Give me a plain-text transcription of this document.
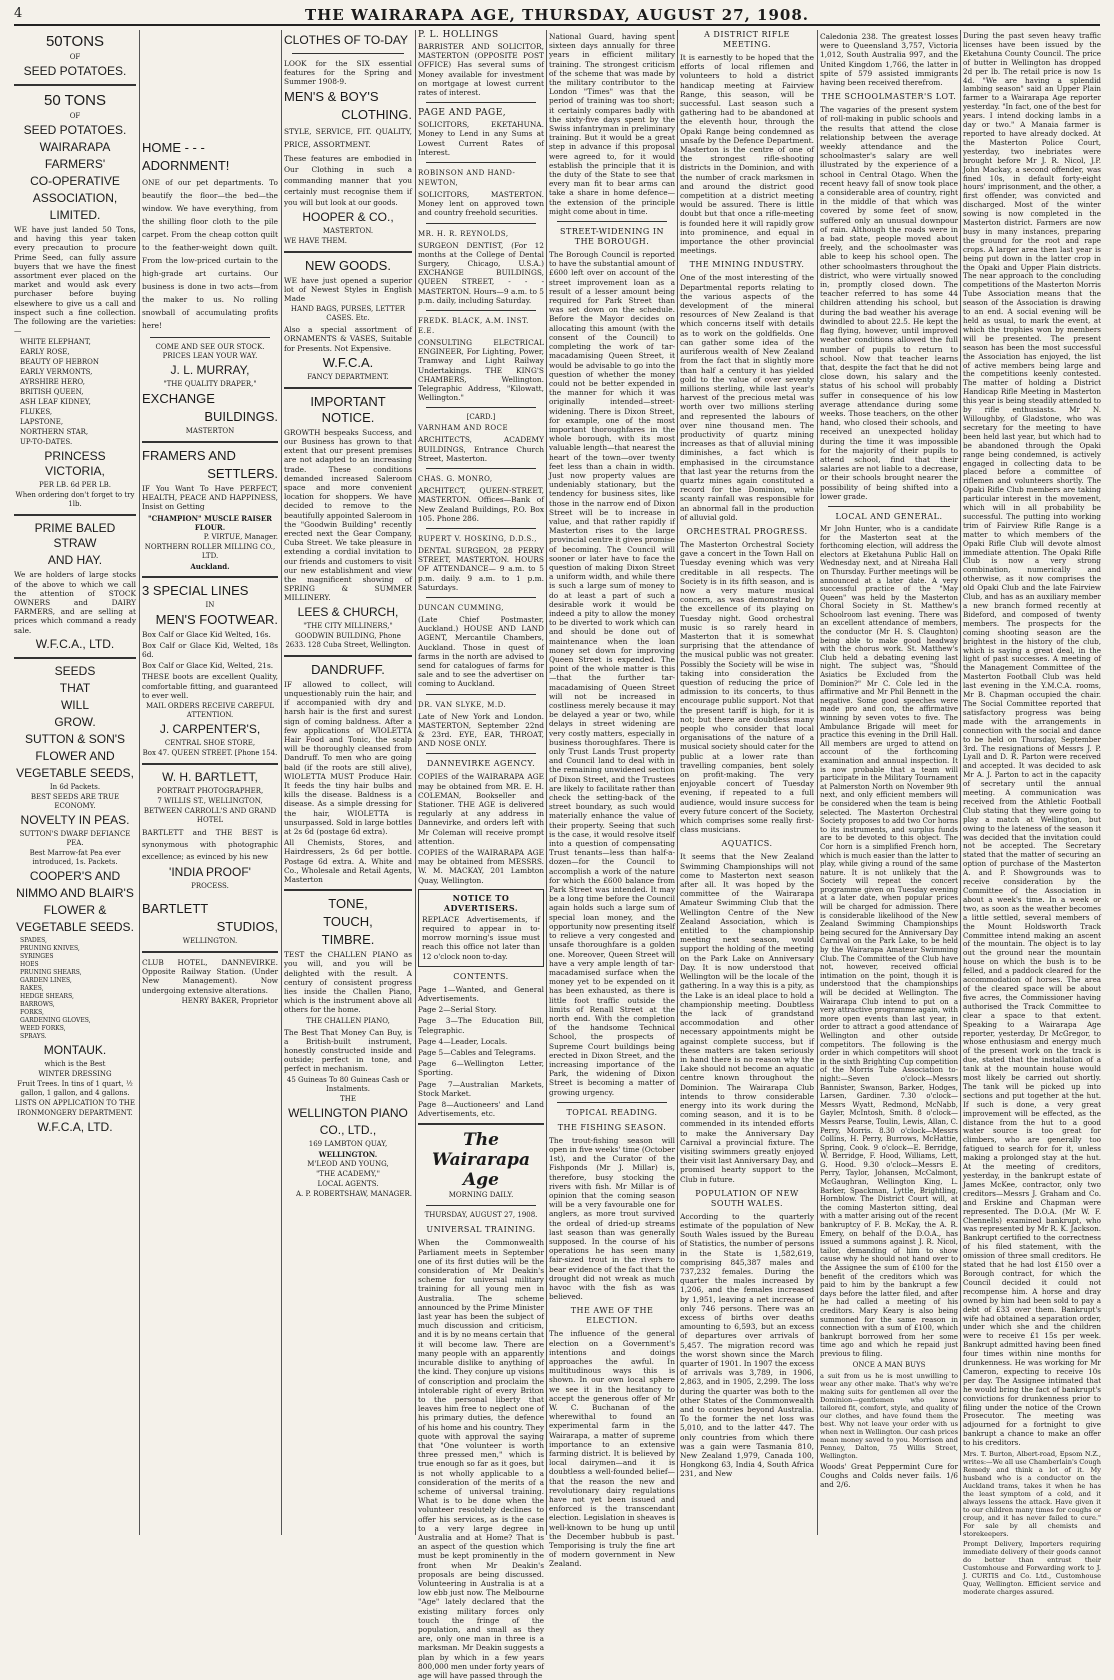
4	THE WAIRARAPA AGE, THURSDAY, AUGUST 27, 1908.
50TONS
OF
SEED POTATOES.
50 TONS
OF
SEED POTATOES.
WAIRARAPA
FARMERS'
CO-OPERATIVE
ASSOCIATION,
LIMITED.
WE have just landed 50 Tons, and having this year taken every precaution to procure Prime Seed, can fully assure buyers that we have the finest assortment ever placed on the market and would ask every purchaser before buying elsewhere to give us a call and inspect such a fine collection. The following are the varieties:—
WHITE ELEPHANT,
EARLY ROSE,
BEAUTY OF HEBRON
EARLY VERMONTS,
AYRSHIRE HERO,
BRITISH QUEEN,
ASH LEAF KIDNEY,
FLUKES,
LAPSTONE,
NORTHERN STAR,
UP-TO-DATES.
PRINCESS VICTORIA,
PER LB. 6d PER LB.
When ordering don't forget to try 1lb.
PRIME BALED STRAW
AND HAY.
We are holders of large stocks of the above to which we call the attention of STOCK OWNERS and DAIRY FARMERS, and are selling at prices which command a ready sale.
W.F.C.A., LTD.
SEEDS
THAT
WILL
GROW.
SUTTON & SON'S
FLOWER AND
VEGETABLE SEEDS,
In 6d Packets.
BEST SEEDS ARE TRUE ECONOMY.
NOVELTY IN PEAS.
SUTTON'S DWARF DEFIANCE PEA.
Best Marrow-fat Pea ever introduced, 1s. Packets.
COOPER'S AND
NIMMO AND BLAIR'S
FLOWER &
VEGETABLE SEEDS.
SPADES,
PRUNING KNIVES,
SYRINGES
HOES
PRUNING SHEARS,
GARDEN LINES,
RAKES,
HEDGE SHEARS,
BARROWS,
FORKS,
GARDENING GLOVES,
WEED FORKS,
SPRAYS.
MONTAUK.
which is the Best
WINTER DRESSING
Fruit Trees. In tins of 1 quart, ½ gallon, 1 gallon, and 4 gallons.
LISTS ON APPLICATION TO THE
IRONMONGERY DEPARTMENT.
W.F.C.A, LTD.
HOME - - -
ADORNMENT!
ONE of our pet departments. To beautify the floor—the bed—the window. We have everything, from the shilling floor cloth to the pile carpet. From the cheap cotton quilt to the feather-weight down quilt. From the low-priced curtain to the high-grade art curtains. Our business is done in two acts—from the maker to us. No rolling snowball of accumulating profits here!
COME AND SEE OUR STOCK. PRICES LEAN YOUR WAY.
J. L. MURRAY,
"THE QUALITY DRAPER,"
EXCHANGE
BUILDINGS.
MASTERTON
FRAMERS AND
SETTLERS.
IF You Want To Have PERFECT, HEALTH, PEACE AND HAPPINESS, Insist on Getting
"CHAMPION" MUSCLE RAISER FLOUR.
P. VIRTUE, Manager.
NORTHERN ROLLER MILLING CO., LTD.
Auckland.
3 SPECIAL LINES
IN
MEN'S FOOTWEAR.
Box Calf or Glace Kid Welted, 16s.
Box Calf or Glace Kid, Welted, 18s 6d.
Box Calf or Glace Kid, Welted, 21s.
THESE boots are excellent Quality, comfortable fitting, and guaranteed to ever well.
MAIL ORDERS RECEIVE CAREFUL ATTENTION.
J. CARPENTER'S,
CENTRAL SHOE STORE,
Box 47. QUEEN STREET. [Phone 154.
W. H. BARTLETT,
PORTRAIT PHOTOGRAPHER,
7 WILLIS ST., WELLINGTON,
BETWEEN CARROLL'S AND GRAND HOTEL
BARTLETT and THE BEST is synonymous with photographic excellence; as evinced by his new
'INDIA PROOF'
PROCESS.
BARTLETT
STUDIOS,
WELLINGTON.
CLUB HOTEL, DANNEVIRKE. Opposite Railway Station. (Under New Management). Now undergoing extensive alterations.
HENRY BAKER, Proprietor
CLOTHES OF TO-DAY
LOOK for the SIX essential features for the Spring and Summer 1908-9.
MEN'S & BOY'S
CLOTHING.
STYLE, SERVICE, FIT. QUALITY, PRICE, ASSORTMENT.
These features are embodied in Our Clothing in such a commanding manner that you certainly must recognise them if you will but look at our goods.
HOOPER & CO.,
MASTERTON.
WE HAVE THEM.
NEW GOODS.
WE have just opened a superior lot of Newest Styles in English Made
HAND BAGS, PURSES, LETTER CASES. Etc.
Also a special assortment of ORNAMENTS & VASES, Suitable for Presents. Not Expensive.
W.F.C.A.
FANCY DEPARTMENT.
IMPORTANT NOTICE.
GROWTH bespeaks Success, and our Business has grown to that extent that our present premises are not adapted to an increasing trade. These conditions demanded increased Saleroom space and more convenient location for shoppers. We have decided to remove to the beautifully appointed Saleroom in the "Goodwin Building" recently erected next the Gear Company, Cuba Street. We take pleasure in extending a cordial invitation to our friends and customers to visit our new establishment and view the magnificent showing of SPRING & SUMMER MILLINERY.
LEES & CHURCH,
"THE CITY MILLINERS,"
GOODWIN BUILDING, Phone 2633. 128 Cuba Street, Wellington.
DANDRUFF.
IF allowed to collect, will unquestionably ruin the hair, and if accompanied with dry and harsh hair is the first and surest sign of coming baldness. After a few applications of WIOLETTA Hair Food and Tonic, the scalp will be thoroughly cleansed from Dandruff. To men who are going bald (if the roots are still alive), WIOLETTA MUST Produce Hair. It feeds the tiny hair bulbs and kills the disease. Baldness is a disease. As a simple dressing for the hair, WIOLETTA is unsurpassed. Sold in large bottles at 2s 6d (postage 6d extra).
All Chemists, Stores, and Hairdressers, 2s 6d per bottle. Postage 6d extra. A. White and Co., Wholesale and Retail Agents, Masterton
TONE,
TOUCH,
TIMBRE.
TEST the CHALLEN PIANO as you will, and you will be delighted with the result. A century of consistent progress lies inside the Challen Piano, which is the instrument above all others for the home.
THE CHALLEN PIANO,
The Best That Money Can Buy, is a British-built instrument, honestly constructed inside and outside; perfect in tone, and perfect in mechanism.
45 Guineas To 80 Guineas Cash or Instalments.
THE
WELLINGTON PIANO
CO., LTD.,
169 LAMBTON QUAY,
WELLINGTON.
M'LEOD AND YOUNG,
"THE ACADEMY,"
LOCAL AGENTS.
A. P. ROBERTSHAW, MANAGER.
P. L. HOLLINGS
BARRISTER AND SOLICITOR, MASTERTON (OPPOSITE POST OFFICE) Has several sums of Money available for investment on mortgage at lowest current rates of interest.
PAGE AND PAGE,
SOLICITORS, EKETAHUNA. Money to Lend in any Sums at Lowest Current Rates of Interest.
ROBINSON AND HAND-NEWTON,
SOLICITORS, MASTERTON. Money lent on approved town and country freehold securities.
MR. H. R. REYNOLDS,
SURGEON DENTIST, (For 12 months at the College of Dental Surgery, Chicago, U.S.A.) EXCHANGE BUILDINGS, QUEEN STREET, - - - MASTERTON. Hours—9 a.m. to 5 p.m. daily, including Saturday.
FREDK. BLACK, A.M. INST. E.E.
CONSULTING ELECTRICAL ENGINEER, For Lighting, Power, Tramway and Light Railway Undertakings. THE KING'S CHAMBERS, Wellington. Telegraphic Address, "Kilowatt, Wellington."
[CARD.]
VARNHAM AND ROCE
ARCHITECTS, ACADEMY BUILDINGS, Entrance Church Street, Masterton.
CHAS. G. MONRO,
ARCHITECT, QUEEN-STREET, MASTERTON. Offices—Bank of New Zealand Buildings, P.O. Box 105. Phone 286.
RUPERT V. HOSKING, D.D.S.,
DENTAL SURGEON, 28 PERRY STREET, MASTERTON. HOURS OF ATTENDANCE— 9 a.m. to 5 p.m. daily. 9 a.m. to 1 p.m. Saturdays.
DUNCAN CUMMING,
(Late Chief Postmaster, Auckland.) HOUSE AND LAND AGENT, Mercantile Chambers, Auckland. Those in quest of farms in the north are advised to send for catalogues of farms for sale and to see the advertiser on coming to Auckland.
DR. VAN SLYKE, M.D.
Late of New York and London. MASTERTON, September 22nd & 23rd. EYE, EAR, THROAT, AND NOSE ONLY.
DANNEVIRKE AGENCY.
COPIES of the WAIRARAPA AGE may be obtained from MR. E. H. COLEMAN, Bookseller and Stationer. THE AGE is delivered regularly at any address in Dannevirke, and orders left with Mr Coleman will receive prompt attention.
COPIES of the WAIRARAPA AGE may be obtained from MESSRS. W. M. MACKAY, 201 Lambton Quay, Wellington.
NOTICE TO ADVERTISERS.
REPLACE Advertisements, if required to appear in to-morrow morning's issue must reach this office not later than 12 o'clock noon to-day.
CONTENTS.
Page 1—Wanted, and General Advertisements.
Page 2—Serial Story.
Page 3—The Education Bill, Telegraphic.
Page 4—Leader, Locals.
Page 5—Cables and Telegrams.
Page 6—Wellington Letter, Sporting.
Page 7—Australian Markets, Stock Market.
Page 8—Auctioneers' and Land Advertisements, etc.
The Wairarapa Age
MORNING DAILY.
THURSDAY, AUGUST 27, 1908.
UNIVERSAL TRAINING.
When the Commonwealth Parliament meets in September one of its first duties will be the consideration of Mr Deakin's scheme for universal military training for all young men in Australia. The scheme announced by the Prime Minister last year has been the subject of much discussion and criticism, and it is by no means certain that it will become law. There are many people with an apparently incurable dislike to anything of the kind. They conjure up visions of conscription and proclaim the intolerable right of every Briton to the personal liberty that leaves him free to neglect one of his primary duties, the defence of his home and his country. They quote with approval the saying that "One volunteer is worth three pressed men," which is true enough so far as it goes, but is not wholly applicable to a consideration of the merits of a scheme of universal training. What is to be done when the volunteer resolutely declines to offer his services, as is the case to a very large degree in Australia and at Home? That is an aspect of the question which must be kept prominently in the front when Mr Deakin's proposals are being discussed. Volunteering in Australia is at a low ebb just now. The Melbourne "Age" lately declared that the existing military forces only touch the fringe of the population, and small as they are, only one man in three is a marksman. Mr Deakin suggests a plan by which in a few years 800,000 men under forty years of age will have passed through the
National Guard, having spent sixteen days annually for three years in efficient military training. The strongest criticism of the scheme that was made by the military contributor to the London "Times" was that the period of training was too short; it certainly compares badly with the sixty-five days spent by the Swiss infantryman in preliminary training. But it would be a great step in advance if this proposal were agreed to, for it would establish the principle that it is the duty of the State to see that every man fit to bear arms can take a share in home defence—the extension of the principle might come about in time.
STREET-WIDENING IN THE BOROUGH.
The Borough Council is reported to have the substantial amount of £600 left over on account of the street improvement loan as a result of a lesser amount being required for Park Street than was set down on the schedule. Before the Mayor decides on allocating this amount (with the consent of the Council) to completing the work of tar-macadamising Queen Street, it would be advisable to go into the question of whether the money could not be better expended in the manner for which it was originally intended—street-widening. There is Dixon Street, for example, one of the most important thoroughfares in the whole borough, with its most valuable length—that nearest the heart of the town—over twenty feet less than a chain in width. Just now property values are undeniably stationary, but the tendency for business sites, like those in the narrow end of Dixon Street will be to increase in value, and that rather rapidly if Masterton rises to the large provincial centre it gives promise of becoming. The Council will sooner or later have to face the question of making Dixon Street a uniform width, and while there is such a large sum of money to do at least a part of such a desirable work it would be indeed a pity to allow the money to be diverted to work which can and should be done out of maintenance when the loan money set down for improving Queen Street is expended. The point of the whole matter is this—that the further tar-macadamising of Queen Street will not be increased in costliness merely because it may be delayed a year or two, while delays in street widening are very costly matters, especially in business thoroughfares. There is only Trust Lands Trust property and Council land to deal with in the remaining unwidened section of Dixon Street, and the Trustees are likely to facilitate rather than check the setting-back of the street boundary, as such would materially enhance the value of their property. Seeing that such is the case, it would resolve itself into a question of compensating Trust tenants—less than half-a-dozen—for the Council to accomplish a work of the nature for which the £600 balance from Park Street was intended. It may be a long time before the Council again holds such a large sum of special loan money, and the opportunity now presenting itself to relieve a very congested and unsafe thoroughfare is a golden one. Moreover, Queen Street will have a very ample length of tar-macadamised surface when the money yet to be expended on it has been exhausted, as there is little foot traffic outside the limits of Renall Street at the north end. With the completion of the handsome Technical School, the prospects of Supreme Court buildings being erected in Dixon Street, and the increasing importance of the Park, the widening of Dixon Street is becoming a matter of growing urgency.
TOPICAL READING.
THE FISHING SEASON.
The trout-fishing season will open in five weeks' time (October 1st), and the Curator of the Fishponds (Mr J. Millar) is, therefore, busy stocking the rivers with fish. Mr Millar is of opinion that the coming season will be a very favourable one for anglers, as more trout survived the ordeal of dried-up streams last season than was generally supposed. In the course of his operations he has seen many fair-sized trout in the rivers to bear evidence of the fact that the drought did not wreak as much havoc with the fish as was believed.
THE AWE OF THE ELECTION.
The influence of the general election on a Government's intentions and doings approaches the awful. In multitudinous ways this is shown. In our own local sphere we see it in the hesitancy to accept the generous offer of Mr W. C. Buchanan of the wherewithal to found an experimental farm in the Wairarapa, a matter of supreme importance to an extensive farming district. It is believed by local dairymen—and it is doubtless a well-founded belief—that the reason the new and revolutionary dairy regulations have not yet been issued and enforced is the transcendant election. Legislation in sheaves is well-known to be hung up until the December hubbub is past. Temporising is truly the fine art of modern government in New Zealand.
A DISTRICT RIFLE MEETING.
It is earnestly to be hoped that the efforts of local riflemen and volunteers to hold a district handicap meeting at Fairview Range, this season, will be successful. Last season such a gathering had to be abandoned at the eleventh hour, through the Opaki Range being condemned as unsafe by the Defence Department. Masterton is the centre of one of the strongest rifle-shooting districts in the Dominion, and with the number of crack marksmen in and around the district good competition at a district meeting would be assured. There is little doubt but that once a rifle-meeting is founded here it will rapidly grow into prominence, and equal in importance the other provincial meetings.
THE MINING INDUSTRY.
One of the most interesting of the Departmental reports relating to the various aspects of the development of the mineral resources of New Zealand is that which concerns itself with details as to work on the goldfields. One can gather some idea of the auriferous wealth of New Zealand from the fact that in slightly more than half a century it has yielded gold to the value of over seventy millions sterling, while last year's harvest of the precious metal was worth over two millions sterling and represented the labours of over nine thousand men. The productivity of quartz mining increases as that of alluvial mining diminishes, a fact which is emphasised in the circumstance that last year the returns from the quartz mines again constituted a record for the Dominion, while scanty rainfall was responsible for an abnormal fall in the production of alluvial gold.
ORCHESTRAL PROGRESS.
The Masterton Orchestral Society gave a concert in the Town Hall on Tuesday evening which was very creditable in all respects. The Society is in its fifth season, and is now a very mature musical concern, as was demonstrated by the excellence of its playing on Tuesday night. Good orchestral music is so rarely heard in Masterton that it is somewhat surprising that the attendance of the musical public was not greater. Possibly the Society will be wise in taking into consideration the question of reducing the price of admission to its concerts, to thus encourage public support. Not that the present tariff is high, for it is not; but there are doubtless many people who consider that local organisations of the nature of a musical society should cater for the public at a lower rate than travelling companies, bent solely on profit-making. The very enjoyable concert of Tuesday evening, if repeated to a full audience, would insure success for every future concert of the Society, which comprises some really first-class musicians.
AQUATICS.
It seems that the New Zealand Swimming Championships will not come to Masterton next season after all. It was hoped by the committee of the Wairarapa Amateur Swimming Club that the Wellington Centre of the New Zealand Association, which is entitled to the championship meeting next season, would support the holding of the meeting on the Park Lake on Anniversary Day. It is now understood that Wellington will be the locale of the gathering. In a way this is a pity, as the Lake is an ideal place to hold a championship meeting. Doubtless the lack of grandstand accommodation and other necessary appointments might be against complete success, but if these matters are taken seriously in hand there is no reason why the Lake should not become an aquatic centre known throughout the Dominion. The Wairarapa Club intends to throw considerable energy into its work during the coming season, and it is to be commended in its intended efforts to make the Anniversary Day Carnival a provincial fixture. The visiting swimmers greatly enjoyed their visit last Anniversary Day, and promised hearty support to the Club in future.
POPULATION OF NEW SOUTH WALES.
According to the quarterly estimate of the population of New South Wales issued by the Bureau of Statistics, the number of persons in the State is 1,582,619, comprising 845,387 males and 737,232 females. During the quarter the males increased by 1,206, and the females increased by 1,951, leaving a net increase of only 746 persons. There was an excess of births over deaths amounting to 6,593, but an excess of departures over arrivals of 5,457. The migration record was the worst shown since the March quarter of 1901. In 1907 the excess of arrivals was 3,789, in 1906, 2,863, and in 1905, 2,299. The loss during the quarter was both to the other States of the Commonwealth and to countries beyond Australia. To the former the net loss was 5,010, and to the latter 447. The only countries from which there was a gain were Tasmania 810, New Zealand 1,979, Canada 100, Hongkong 63, India 4, South Africa 231, and New
Caledonia 238. The greatest losses were to Queensland 3,757, Victoria 1,012, South Australia 997, and the United Kingdom 1,766, the latter in spite of 579 assisted immigrants having been received therefrom.
THE SCHOOLMASTER'S LOT.
The vagaries of the present system of roll-making in public schools and the results that attend the close relationship between the average weekly attendance and the schoolmaster's salary are well illustrated by the experience of a school in Central Otago. When the recent heavy fall of snow took place a considerable area of country, right in the middle of that which was covered by some feet of snow, suffered only an unusual downpour of rain. Although the roads were in a bad state, people moved about freely, and the schoolmaster was able to keep his school open. The other schoolmasters throughout the district, who were virtually snowed in, promptly closed down. The teacher referred to has some 44 children attending his school, but during the bad weather his average dwindled to about 22.5. He kept the flag flying, however, until improved weather conditions allowed the full number of pupils to return to school. Now that teacher learns that, despite the fact that he did not close down, his salary and the status of his school will probably suffer in consequence of his low average attendance during some weeks. Those teachers, on the other hand, who closed their schools, and received an unexpected holiday during the time it was impossible for the majority of their pupils to attend school, find that their salaries are not liable to a decrease, or their schools brought nearer the possibility of being shifted into a lower grade.
LOCAL AND GENERAL.
Mr John Hunter, who is a candidate for the Masterton seat at the forthcoming election, will address the electors at Eketahuna Public Hall on Wednesday next, and at Nireaha Hall on Thursday. Further meetings will be announced at a later date. A very successful practice of the "May Queen" was held by the Masterton Choral Society in St. Matthew's Schoolroom last evening. There was an excellent attendance of members, the conductor (Mr H. S. Claughton) being able to make good headway with the chorus work. St. Matthew's Club held a debating evening last night. The subject was, "Should Asiatics be Excluded from the Dominion?" Mr C. Cole led in the affirmative and Mr Phil Bennett in the negative. Some good speeches were made pro and con, the affirmative winning by seven votes to five. The Ambulance Brigade will meet for practice this evening in the Drill Hall. All members are urged to attend on account of the forthcoming examination and annual inspection. It is now probable that a team will participate in the Military Tournament at Palmerston North on November 9th next, and only efficient members will be considered when the team is being selected. The Masterton Orchestral Society proposes to add two Cor horns to its instruments, and surplus funds are to be devoted to this object. The Cor horn is a simplified French horn, which is much easier than the latter to play, while giving a round of the same nature. It is not unlikely that the Society will repeat the concert programme given on Tuesday evening at a later date, when popular prices will be charged for admission. There is considerable likelihood of the New Zealand Swimming Championships being secured for the Anniversary Day Carnival on the Park Lake, to be held by the Wairarapa Amateur Swimming Club. The Committee of the Club have not, however, received official intimation on the point, though it is understood that the championships will be decided at Wellington. The Wairarapa Club intend to put on a very attractive programme again, with more open events than last year, in order to attract a good attendance of Wellington and other outside competitors. The following is the order in which competitors will shoot in the sixth Brighting Cup competition of the Morris Tube Association to-night:—Seven o'clock—Messrs Bannister, Swanson, Barker, Hodges, Larsen, Gardiner. 7.30 o'clock—Messrs Wyatt, Redmond, McNabb, Gayler, McIntosh, Smith. 8 o'clock—Messrs Pearse, Toulin, Lewis, Allan, C. Perry, Morris. 8.30 o'clock—Messrs Collins, H. Perry, Burrows, McHattie, Spring, Cook. 9 o'clock—E. Berridge, W. Berridge, F. Hood, Williams, Lett, G. Hood. 9.30 o'clock—Messrs E. Perry, Taylor, Johansen, McCalmont, McGaughran, Wellington King, L. Barker, Spackman, Lyttle, Brightling, Hornblow. The District Court will, at the coming Masterton sitting, deal with a matter arising out of the recent bankruptcy of F. B. McKay, the A. R. Emery, on behalf of the D.O.A., has issued a summons against J. R. Nicol, tailor, demanding of him to show cause why he should not hand over to the Assignee the sum of £100 for the benefit of the creditors which was paid to him by the bankrupt a few days before the latter filed, and after he had called a meeting of his creditors. Mary Keary is also being summoned for the same reason in connection with a sum of £100, which bankrupt borrowed from her some time ago and which he repaid just previous to filing.
ONCE A MAN BUYS
a suit from us he is most unwilling to wear any other make. That's why we're making suits for gentlemen all over the Dominion—gentlemen who know tailored fit, comfort, style, and quality of our clothes, and have found them the best. Why not leave your order with us when next in Wellington. Our cash prices mean money saved to you. Morrison and Penney, Dalton, 75 Willis Street, Wellington.
Woods' Great Peppermint Cure for Coughs and Colds never fails. 1/6 and 2/6.
During the past seven heavy traffic licenses have been issued by the Eketahuna County Council. The price of butter in Wellington has dropped 2d per lb. The retail price is now 1s 4d. "We are having a splendid lambing season" said an Upper Plain farmer to a Wairarapa Age reporter yesterday. "In fact, one of the best for years. I intend docking lambs in a day or two." A Manaia farmer is reported to have already docked. At the Masterton Police Court, yesterday, two inebriates were brought before Mr J. R. Nicol, J.P. John Mackay, a second offender, was fined 10s, in default forty-eight hours' imprisonment, and the other, a first offender, was convicted and discharged. Most of the winter sowing is now completed in the Masterton district. Farmers are now busy in many instances, preparing the ground for the root and rape crops. A larger area then last year is being put down in the latter crop in the Opaki and Upper Plain districts. The near approach to the concluding competitions of the Masterton Morris Tube Association means that the season of the Association is drawing to an end. A social evening will be held as usual, to mark the event, at which the trophies won by members will be presented. The present season has been the most successful the Association has enjoyed, the list of active members being large and the competitions keenly contested. The matter of holding a District Handicap Rifle Meeting in Masterton this year is being steadily attended to by rifle enthusiasts. Mr N. Willoughby, of Gladstone, who was secretary for the meeting to have been held last year, but which had to be abandoned through the Opaki range being condemned, is actively engaged in collecting data to be placed before a committee of riflemen and volunteers shortly. The Opaki Rifle Club members are taking particular interest in the movement, which will in all probability be successful. The putting into working trim of Fairview Rifle Range is a matter to which members of the Opaki Rifle Club will devote almost immediate attention. The Opaki Rifle Club is now a very strong combination, numerically and otherwise, as it now comprises the old Opaki Club and the late Fairview Club, and has as an auxiliary member a new branch formed recently at Bideford, and composed of twenty members. The prospects for the coming shooting season are the brightest in the history of the club, which is saying a great deal, in the light of past successes. A meeting of the Management Committee of the Masterton Football Club was held last evening in the Y.M.C.A. rooms, Mr B. Chapman occupied the chair. The Social Committee reported that satisfactory progress was being made with the arrangements in connection with the social and dance to be held on Thursday, September 3rd. The resignations of Messrs J. P. Lyall and D. R. Parton were received and accepted. It was decided to ask Mr A. J. Parton to act in the capacity of secretary until the annual meeting. A communication was received from the Athletic Football Club stating that they were going to play a match at Wellington, but owing to the lateness of the season it was decided that the invitation could not be accepted. The Secretary stated that the matter of securing an option of purchase of the Masterton A. and P. Showgrounds was to receive consideration by the Committee of the Association in about a week's time. In a week or two, as soon as the weather becomes a little settled, several members of the Mount Holdsworth Track Committee intend making an ascent of the mountain. The object is to lay out the ground near the mountain house on which the bush is to be felled, and a paddock cleared for the accommodation of horses. The area of the cleared space will be about five acres, the Commissioner having authorised the Track Committee to clear a space to that extent. Speaking to a Wairarapa Age reporter, yesterday, Dr McGregor, to whose enthusiasm and energy much of the present work on the track is due, stated that the installation of a tank at the mountain house would most likely be carried out shortly. The tank will be picked up into sections and put together at the hut. If such is done, a very great improvement will be effected, as the distance from the hut to a good water source is too great for climbers, who are generally too fatigued to search for for it, unless making a prolonged stay at the hut. At the meeting of creditors, yesterday, in the bankrupt estate of James McKee, contractor, only two creditors—Messrs J. Graham and Co. and Erskine and Chapman were represented. The D.O.A. (Mr W. F. Chennells) examined bankrupt, who was represented by Mr R. K. Jackson. Bankrupt certified to the correctness of his filed statement, with the omission of three small creditors. He stated that he had lost £150 over a Borough contract, for which the Council decided it could not recompense him. A horse and dray owned by him had been sold to pay a debt of £33 over them. Bankrupt's wife had obtained a separation order, under which she and the children were to receive £1 15s per week. Bankrupt admitted having been fined four times within nine months for drunkenness. He was working for Mr Cameron, expecting to receive 10s per day. The Assignee intimated that he would bring the fact of bankrupt's convictions for drunkenness prior to filing under the notice of the Crown Prosecutor. The meeting was adjourned for a fortnight to give bankrupt a chance to make an offer to his creditors.
Mrs. T. Burton, Albert-road, Epsom N.Z., writes:—We all use Chamberlain's Cough Remedy and think a lot of it. My husband who is a conductor on the Auckland trams, takes it when he has the least symptom of a cold, and it always lessens the attack. Have given it to our children many times for coughs or croup, and it has never failed to cure." For sale by all chemists and storekeepers.
Prompt Delivery, Importers requiring immediate delivery of their goods cannot do better than entrust their Customhouse and Forwarding work to J. J. CURTIS and Co. Ltd., Customhouse Quay, Wellington. Efficient service and moderate charges assured.
